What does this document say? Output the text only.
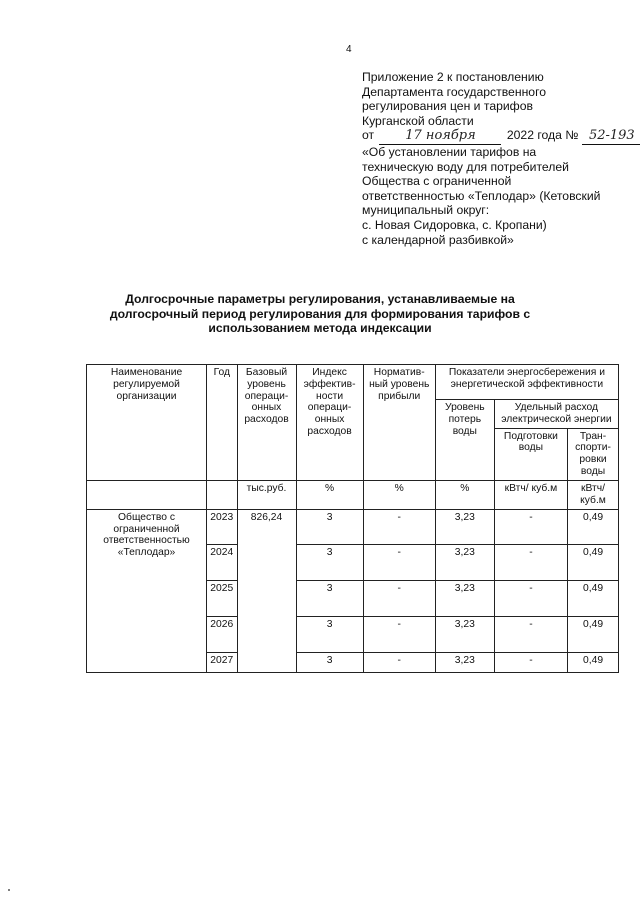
4
Приложение 2 к постановлению
Департамента государственного
регулирования цен и тарифов
Курганской области
от 17 ноября	2022 года № 52-193
«Об установлении тарифов на
техническую воду для потребителей
Общества с ограниченной
ответственностью «Теплодар» (Кетовский
муниципальный округ:
с. Новая Сидоровка, с. Кропани)
с календарной разбивкой»
Долгосрочные параметры регулирования, устанавливаемые на долгосрочный период регулирования для формирования тарифов с использованием метода индексации
Наименование регулируемой организации	Год	Базовый уровень операци-онных расходов	Индекс эффектив-ности операци-онных расходов	Норматив-ный уровень прибыли	Показатели энергосбережения и энергетической эффективности		
					Уровень потерь воды	Удельный расход электрической энергии	
						Подготовки воды	Тран-спорти-ровки воды
		тыс.руб.	%	%	%	кВтч/ куб.м	кВтч/ куб.м
Общество с ограниченной ответственностью «Теплодар»	2023	826,24	3	-	3,23	-	0,49
	2024		3	-	3,23	-	0,49
	2025		3	-	3,23	-	0,49
	2026		3	-	3,23	-	0,49
	2027		3	-	3,23	-	0,49
